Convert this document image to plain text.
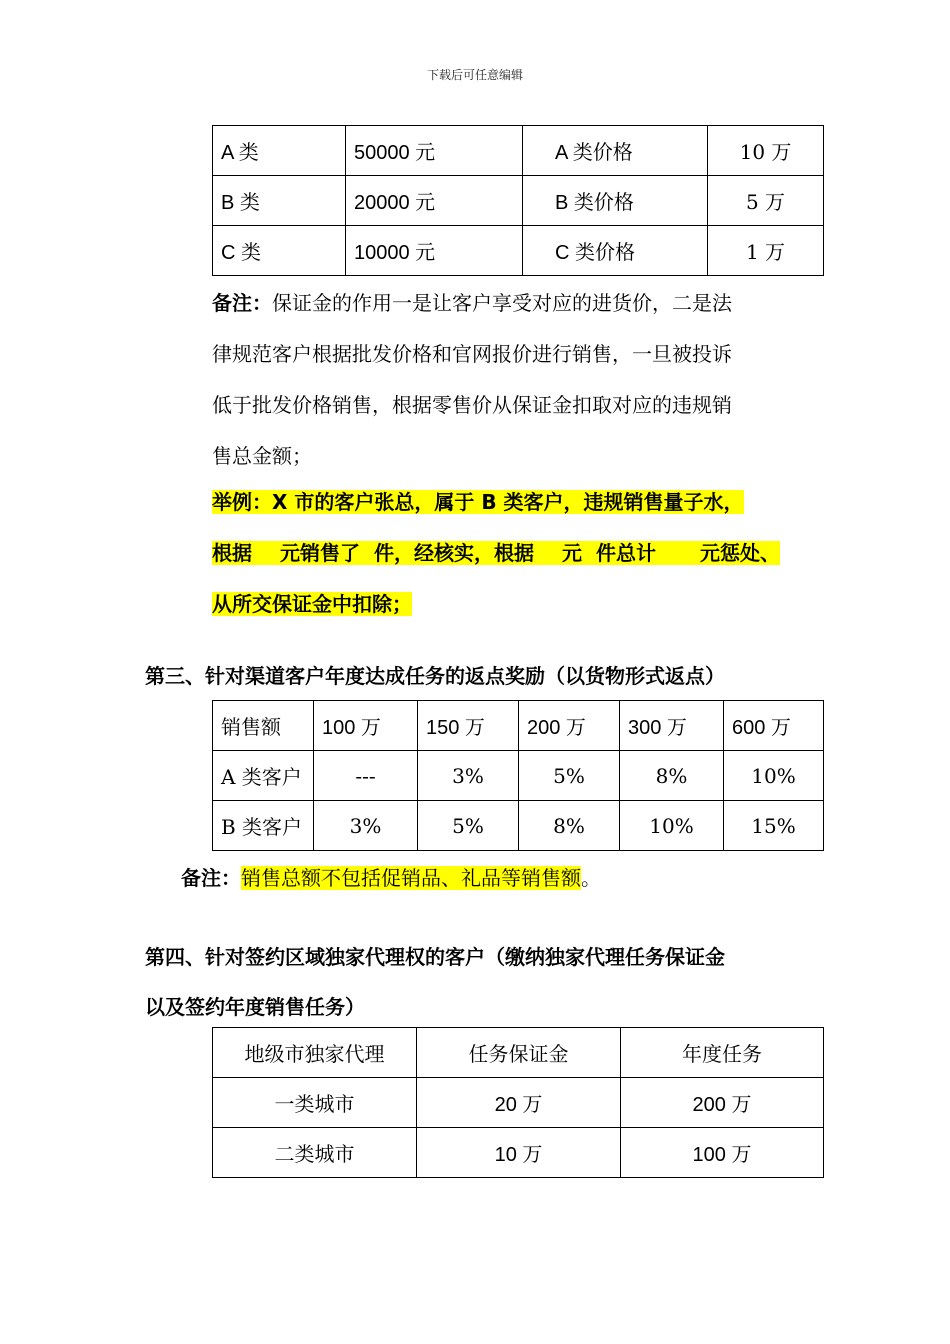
下载后可任意编辑
A 类	50000 元	A 类价格	10 万
B 类	20000 元	B 类价格	5 万
C 类	10000 元	C 类价格	1 万
备注：保证金的作用一是让客户享受对应的进货价，二是法
律规范客户根据批发价格和官网报价进行销售，一旦被投诉
低于批发价格销售，根据零售价从保证金扣取对应的违规销
售总金额；
举例：X 市的客户张总，属于 B 类客户，违规销售量子水，
根据 元销售了 件，经核实，根据 元 件总计 元惩处、
从所交保证金中扣除；
第三、针对渠道客户年度达成任务的返点奖励（以货物形式返点）
销售额	100 万	150 万	200 万	300 万	600 万
A 类客户	---	3%	5%	8%	10%
B 类客户	3%	5%	8%	10%	15%
备注：销售总额不包括促销品、礼品等销售额。
第四、针对签约区域独家代理权的客户（缴纳独家代理任务保证金
以及签约年度销售任务）
地级市独家代理	任务保证金	年度任务
一类城市	20 万	200 万
二类城市	10 万	100 万
